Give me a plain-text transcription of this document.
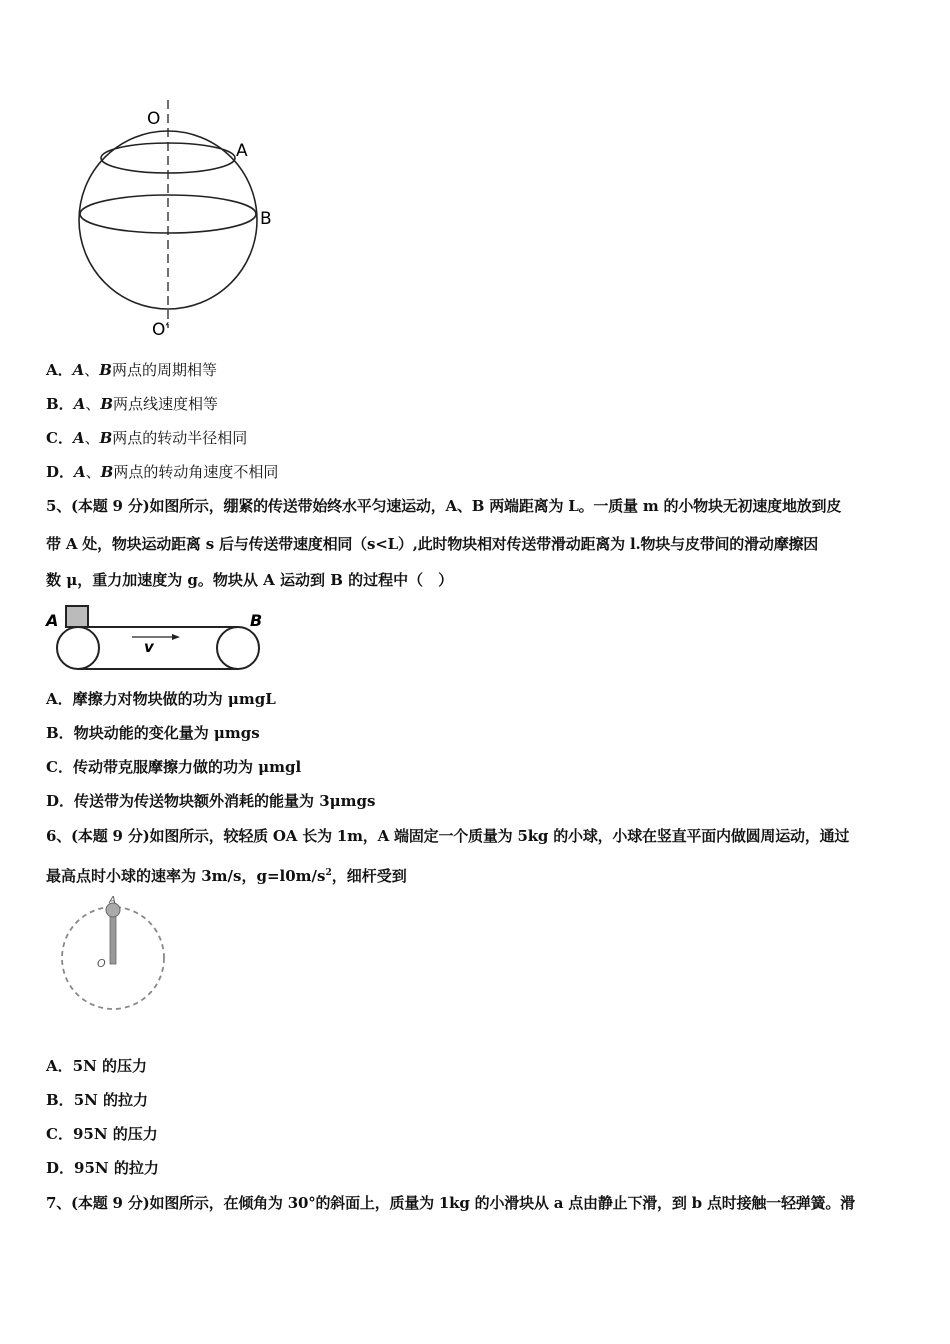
O
A
B
O′
A．A、B两点的周期相等
B．A、B两点线速度相等
C．A、B两点的转动半径相同
D．A、B两点的转动角速度不相同
5、(本题 9 分)如图所示，绷紧的传送带始终水平匀速运动，A、B 两端距离为 L。一质量 m 的小物块无初速度地放到皮
带 A 处，物块运动距离 s 后与传送带速度相同（s<L）,此时物块相对传送带滑动距离为 l.物块与皮带间的滑动摩擦因
数 μ，重力加速度为 g。物块从 A 运动到 B 的过程中（　）
v
A	B
A．摩擦力对物块做的功为 μmgL
B．物块动能的变化量为 μmgs
C．传动带克服摩擦力做的功为 μmgl
D．传送带为传送物块额外消耗的能量为 3μmgs
6、(本题 9 分)如图所示，较轻质 OA 长为 1m，A 端固定一个质量为 5kg 的小球，小球在竖直平面内做圆周运动，通过
最高点时小球的速率为 3m/s，$g=l0m/s^2$，细杆受到
A
O
A．5N 的压力
B．5N 的拉力
C．95N 的压力
D．95N 的拉力
7、(本题 9 分)如图所示，在倾角为 30°的斜面上，质量为 1kg 的小滑块从 a 点由静止下滑，到 b 点时接触一轻弹簧。滑
